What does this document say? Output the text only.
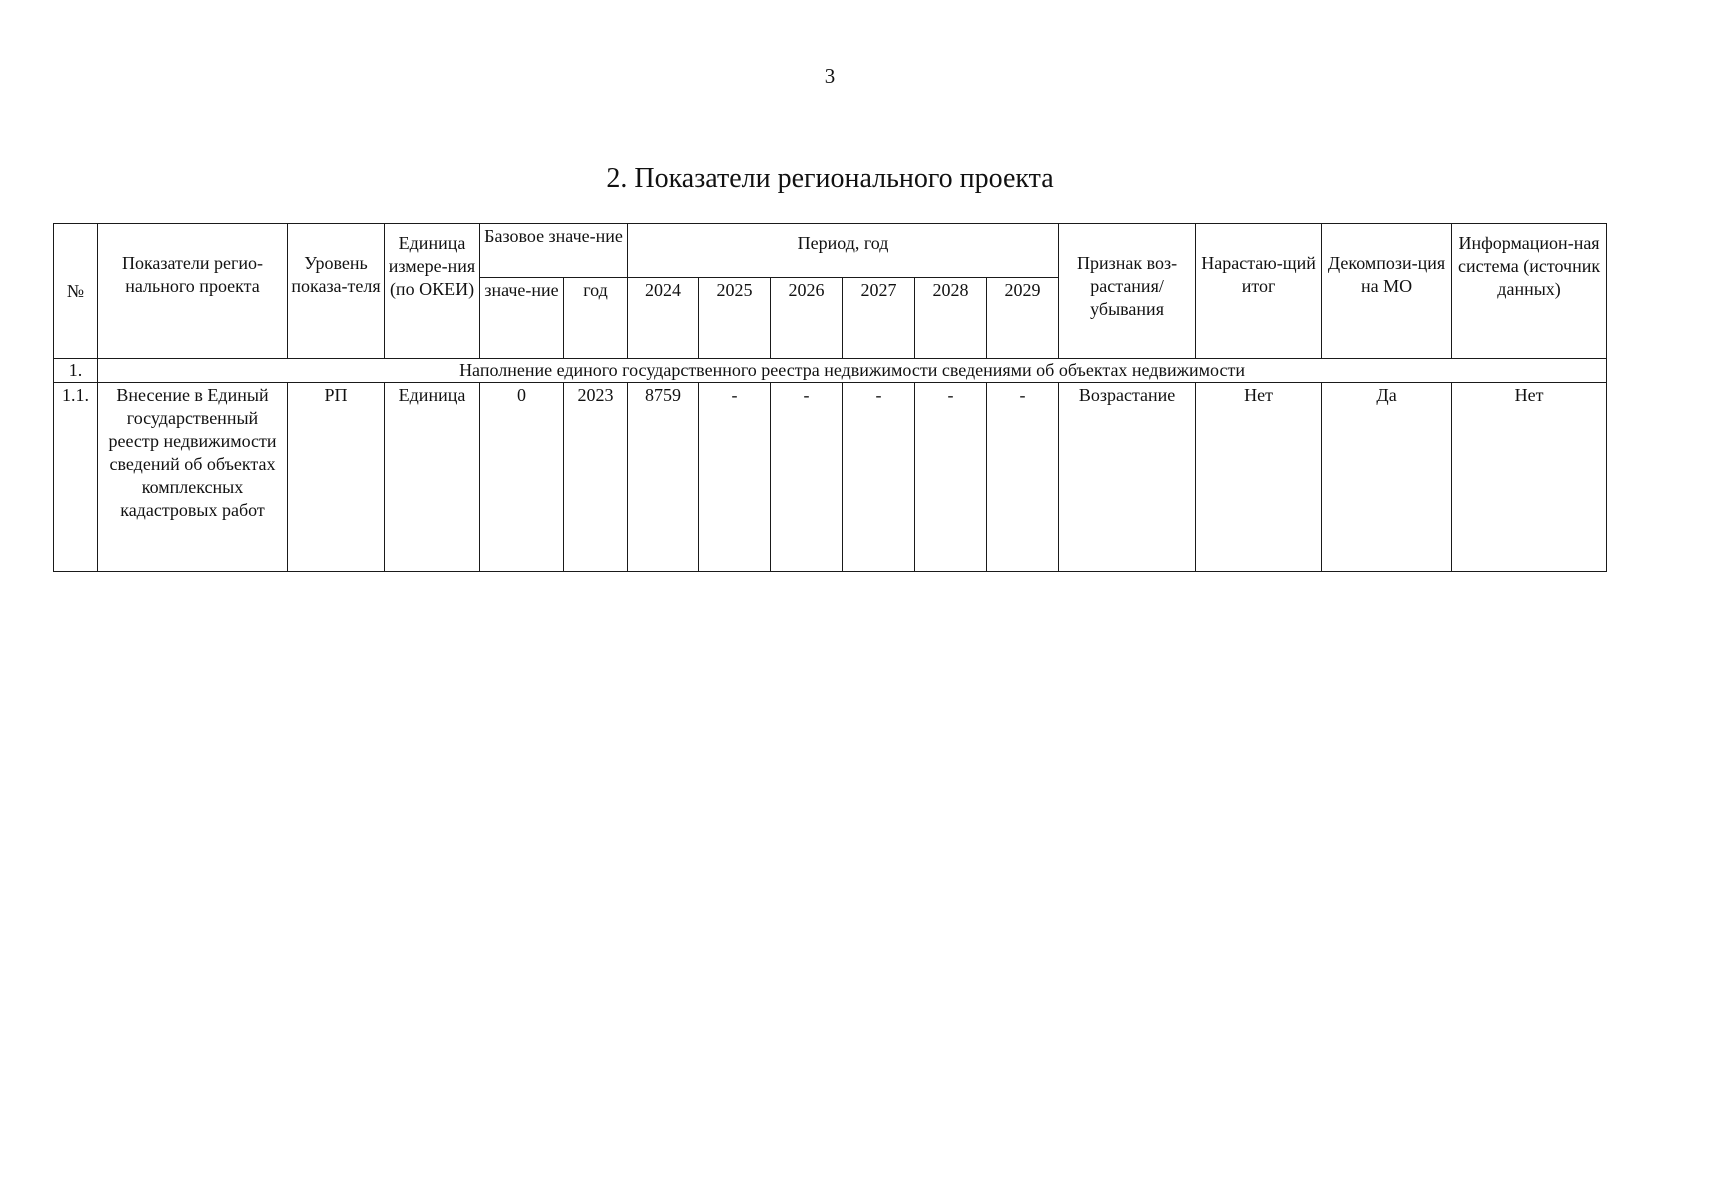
3
2. Показатели регионального проекта
№	Показатели регио-нального проекта	Уровень показа-теля	Единица измере-ния (по ОКЕИ)	Базовое значе-ние		Период, год						Признак воз-растания/ убывания	Нарастаю-щий итог	Декомпози-ция на МО	Информацион-ная система (источник данных)
				значе-ние	год	2024	2025	2026	2027	2028	2029				
1.	Наполнение единого государственного реестра недвижимости сведениями об объектах недвижимости														
1.1.	Внесение в Единый государственный реестр недвижимости сведений об объектах комплексных кадастровых работ	РП	Единица	0	2023	8759	-	-	-	-	-	Возрастание	Нет	Да	Нет
